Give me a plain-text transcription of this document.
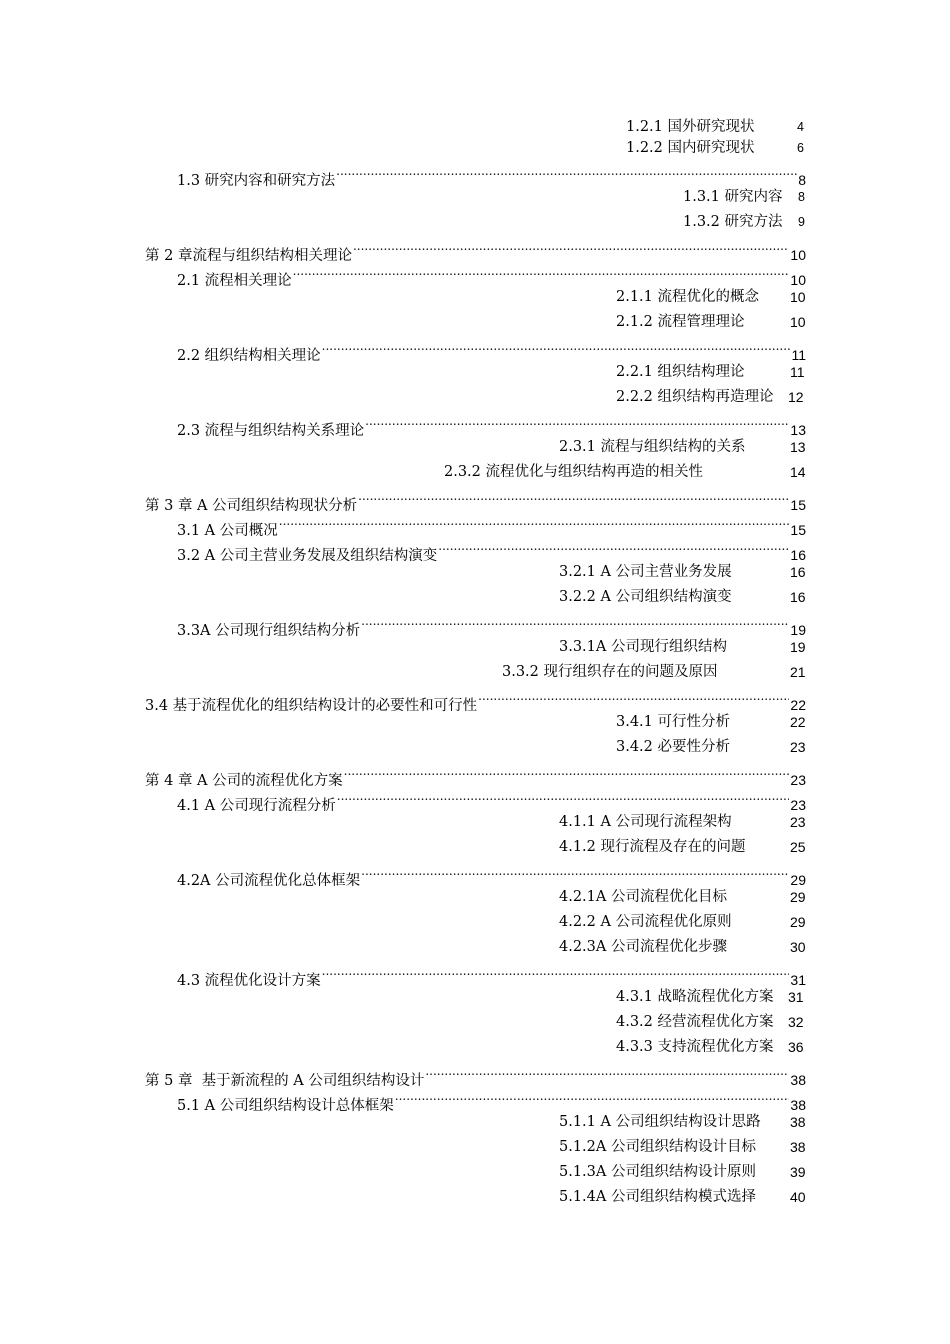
1.2.1 国外研究现状	4
1.2.2 国内研究现状	6
1.3 研究内容和研究方法 .....	8
1.3.1 研究内容 8
1.3.2 研究方法 9
第 2 章流程与组织结构相关理论 .....	10
2.1 流程相关理论 .....	10
2.1.1 流程优化的概念 10
2.1.2 流程管理理论	10
2.2 组织结构相关理论 .....	11
2.2.1 组织结构理论	11
2.2.2 组织结构再造理论 12
2.3 流程与组织结构关系理论 .....	13
2.3.1 流程与组织结构的关系	13
2.3.2 流程优化与组织结构再造的相关性	14
第 3 章 A 公司组织结构现状分析 .....	15
3.1 A 公司概况 .....	15
3.2 A 公司主营业务发展及组织结构演变 .....	16
3.2.1 A 公司主营业务发展	16
3.2.2 A 公司组织结构演变	16
3.3A 公司现行组织结构分析 .....	19
3.3.1A 公司现行组织结构	19
3.3.2 现行组织存在的问题及原因	21
3.4 基于流程优化的组织结构设计的必要性和可行性 .....	22
3.4.1 可行性分析	22
3.4.2 必要性分析	23
第 4 章 A 公司的流程优化方案 .....	23
4.1 A 公司现行流程分析 .....	23
4.1.1 A 公司现行流程架构	23
4.1.2 现行流程及存在的问题	25
4.2A 公司流程优化总体框架 .....	29
4.2.1A 公司流程优化目标	29
4.2.2 A 公司流程优化原则	29
4.2.3A 公司流程优化步骤	30
4.3 流程优化设计方案 .....	31
4.3.1 战略流程优化方案 31
4.3.2 经营流程优化方案 32
4.3.3 支持流程优化方案 36
第 5 章  基于新流程的 A 公司组织结构设计 .....	38
5.1 A 公司组织结构设计总体框架 .....	38
5.1.1 A 公司组织结构设计思路 38
5.1.2A 公司组织结构设计目标 38
5.1.3A 公司组织结构设计原则 39
5.1.4A 公司组织结构模式选择 40
